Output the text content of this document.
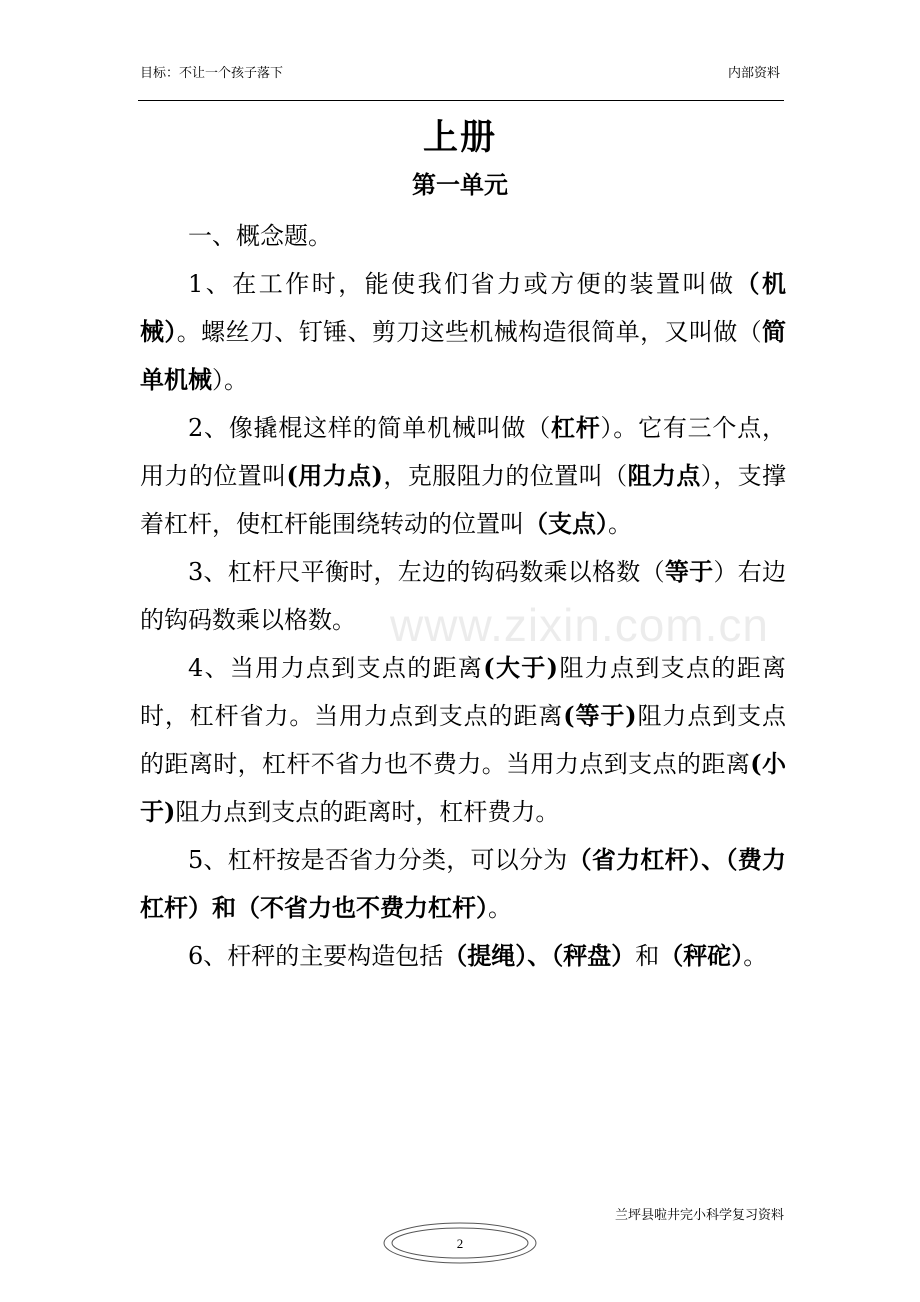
目标：不让一个孩子落下	内部资料
上册
第一单元

一、概念题。

1、在工作时，能使我们省力或方便的装置叫做（机械）。螺丝刀、钉锤、剪刀这些机械构造很简单，又叫做（简单机械）。

2、像撬棍这样的简单机械叫做（杠杆）。它有三个点，用力的位置叫(用力点)，克服阻力的位置叫（阻力点），支撑着杠杆，使杠杆能围绕转动的位置叫（支点）。

3、杠杆尺平衡时，左边的钩码数乘以格数（等于）右边的钩码数乘以格数。

4、当用力点到支点的距离(大于)阻力点到支点的距离时，杠杆省力。当用力点到支点的距离(等于)阻力点到支点的距离时，杠杆不省力也不费力。当用力点到支点的距离(小于)阻力点到支点的距离时，杠杆费力。

5、杠杆按是否省力分类，可以分为（省力杠杆）、（费力杠杆）和（不省力也不费力杠杆）。

6、杆秤的主要构造包括（提绳）、（秤盘）和（秤砣）。

www.zixin.com.cn
兰坪县啦井完小科学复习资料
2
